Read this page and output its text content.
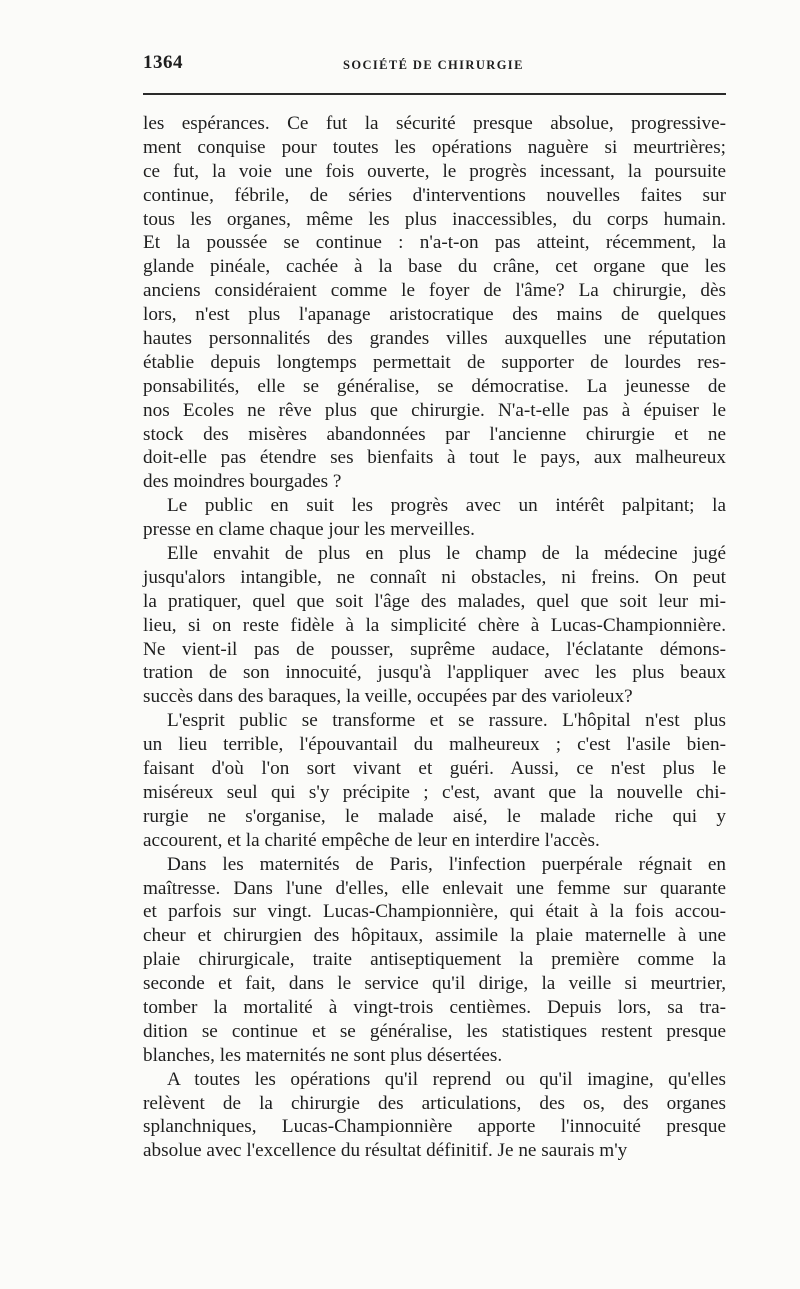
1364	SOCIÉTÉ DE CHIRURGIE
les espérances. Ce fut la sécurité presque absolue, progressive-
ment conquise pour toutes les opérations naguère si meurtrières;
ce fut, la voie une fois ouverte, le progrès incessant, la poursuite
continue, fébrile, de séries d'interventions nouvelles faites sur
tous les organes, même les plus inaccessibles, du corps humain.
Et la poussée se continue : n'a-t-on pas atteint, récemment, la
glande pinéale, cachée à la base du crâne, cet organe que les
anciens considéraient comme le foyer de l'âme? La chirurgie, dès
lors, n'est plus l'apanage aristocratique des mains de quelques
hautes personnalités des grandes villes auxquelles une réputation
établie depuis longtemps permettait de supporter de lourdes res-
ponsabilités, elle se généralise, se démocratise. La jeunesse de
nos Ecoles ne rêve plus que chirurgie. N'a-t-elle pas à épuiser le
stock des misères abandonnées par l'ancienne chirurgie et ne
doit-elle pas étendre ses bienfaits à tout le pays, aux malheureux
des moindres bourgades ?
Le public en suit les progrès avec un intérêt palpitant; la
presse en clame chaque jour les merveilles.
Elle envahit de plus en plus le champ de la médecine jugé
jusqu'alors intangible, ne connaît ni obstacles, ni freins. On peut
la pratiquer, quel que soit l'âge des malades, quel que soit leur mi-
lieu, si on reste fidèle à la simplicité chère à Lucas-Championnière.
Ne vient-il pas de pousser, suprême audace, l'éclatante démons-
tration de son innocuité, jusqu'à l'appliquer avec les plus beaux
succès dans des baraques, la veille, occupées par des varioleux?
L'esprit public se transforme et se rassure. L'hôpital n'est plus
un lieu terrible, l'épouvantail du malheureux ; c'est l'asile bien-
faisant d'où l'on sort vivant et guéri. Aussi, ce n'est plus le
miséreux seul qui s'y précipite ; c'est, avant que la nouvelle chi-
rurgie ne s'organise, le malade aisé, le malade riche qui y
accourent, et la charité empêche de leur en interdire l'accès.
Dans les maternités de Paris, l'infection puerpérale régnait en
maîtresse. Dans l'une d'elles, elle enlevait une femme sur quarante
et parfois sur vingt. Lucas-Championnière, qui était à la fois accou-
cheur et chirurgien des hôpitaux, assimile la plaie maternelle à une
plaie chirurgicale, traite antiseptiquement la première comme la
seconde et fait, dans le service qu'il dirige, la veille si meurtrier,
tomber la mortalité à vingt-trois centièmes. Depuis lors, sa tra-
dition se continue et se généralise, les statistiques restent presque
blanches, les maternités ne sont plus désertées.
A toutes les opérations qu'il reprend ou qu'il imagine, qu'elles
relèvent de la chirurgie des articulations, des os, des organes
splanchniques, Lucas-Championnière apporte l'innocuité presque
absolue avec l'excellence du résultat définitif. Je ne saurais m'y
